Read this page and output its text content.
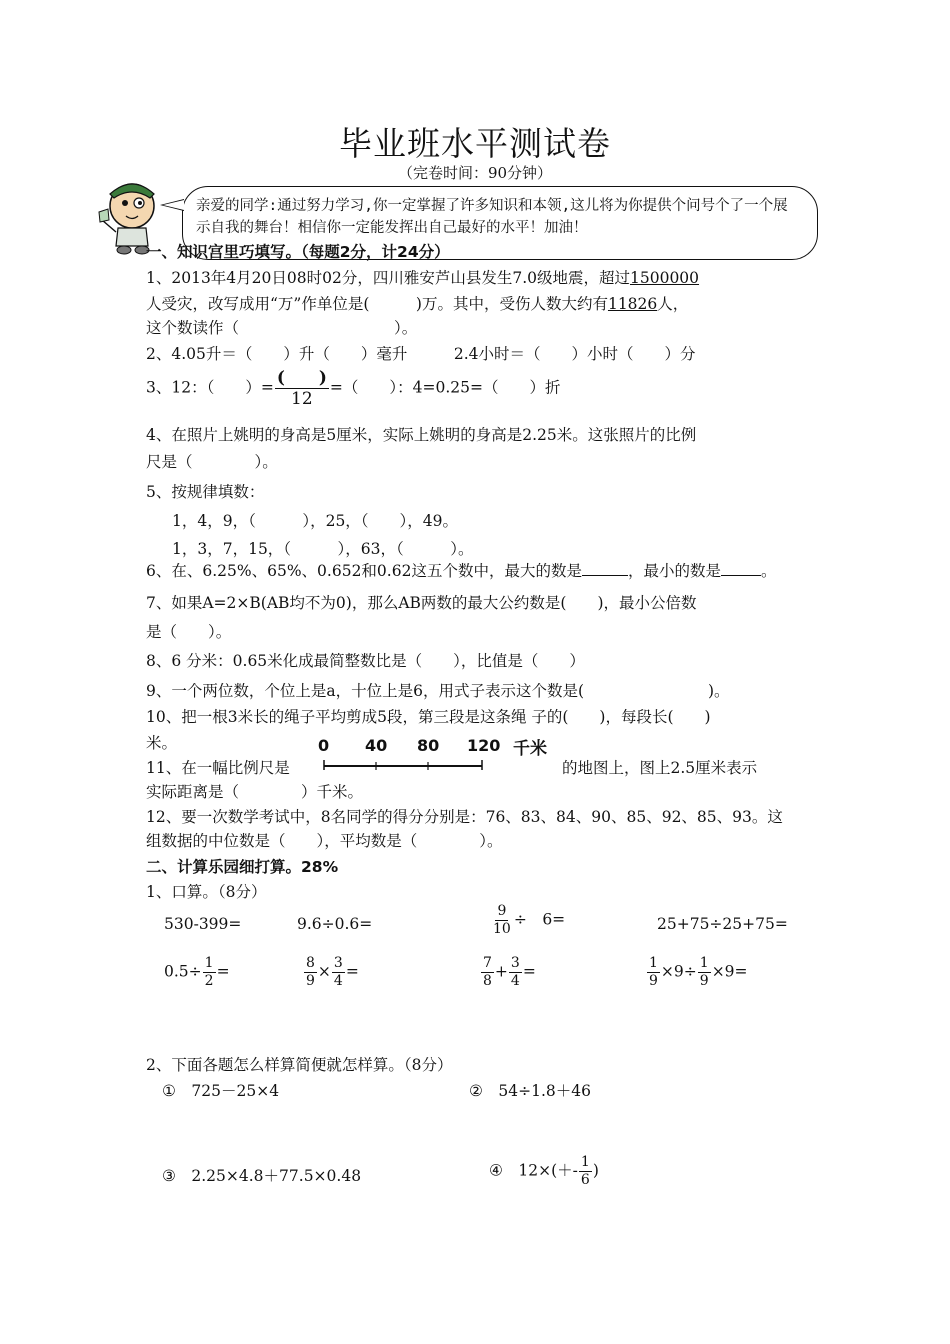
毕业班水平测试卷
（完卷时间：90分钟）
亲爱的同学:通过努力学习,你一定掌握了许多知识和本领,这儿将为你提供个问号个了一个展示自我的舞台！相信你一定能发挥出自己最好的水平！加油！
一、知识宫里巧填写。（每题2分，计24分）
1、2013年4月20日08时02分，四川雅安芦山县发生7.0级地震，超过1500000
人受灾，改写成用“万”作单位是(　　　)万。其中，受伤人数大约有11826人，
这个数读作（　　　　　　　　　　）。
2、4.05升＝（　　）升（　　）毫升　　　2.4小时＝（　　）小时（　　）分
3、12：（　　）= $\frac{( )}{12}$ =（　　）：4=0.25=（　　）折
4、在照片上姚明的身高是5厘米，实际上姚明的身高是2.25米。这张照片的比例
尺是（　　　　）。
5、按规律填数：
1，4，9，（　　　），25，（　　），49。
1，3，7，15，（　　　），63，（　　　）。
6、在、6.25%、65%、0.652和0.62这五个数中，最大的数是	，最小的数是	。
7、如果A=2×B(AB均不为0)，那么AB两数的最大公约数是(　　)，最小公倍数
是（　　）。
8、6 分米：0.65米化成最简整数比是（　　），比值是（　　）
9、一个两位数，个位上是a，十位上是6，用式子表示这个数是(　　　　　　　　)。
10、把一根3米长的绳子平均剪成5段，第三段是这条绳 子的(　　)，每段长(　　)
米。
11、在一幅比例尺是
0 40 80 120 千米
的地图上，图上2.5厘米表示
实际距离是（　　　　）千米。
12、要一次数学考试中，8名同学的得分分别是：76、83、84、90、85、92、85、93。这
组数据的中位数是（　　），平均数是（　　　　）。
二、计算乐园细打算。28%
1、口算。（8分）
530-399=	9.6÷0.6=	$\frac{9}{10}$ ÷　6=	25+75÷25+75=
$0.5\div \frac{1}{2}$ =	$\frac{8}{9} \times \frac{3}{4}$ =	$\frac{7}{8} + \frac{3}{4}$ =	$\frac{1}{9} \times 9\div \frac{1}{9} \times 9=$
2、下面各题怎么样算简便就怎样算。（8分）
①　725－25×4	②　54÷1.8＋46
③　2.25×4.8＋77.5×0.48	④　$12\times(+- \frac{1}{6}$ )
